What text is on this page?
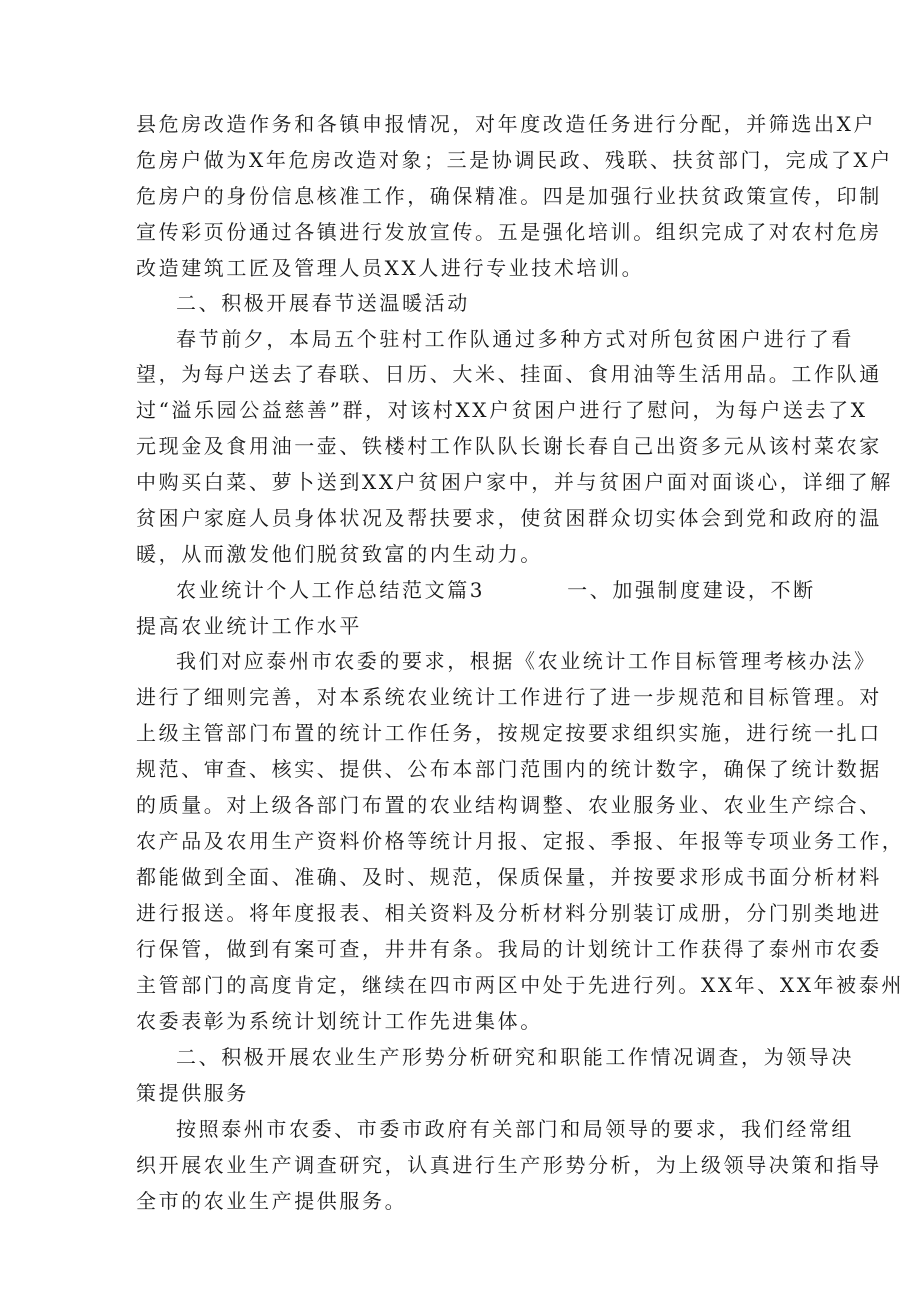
县危房改造作务和各镇申报情况，对年度改造任务进行分配，并筛选出X户
危房户做为X年危房改造对象；三是协调民政、残联、扶贫部门，完成了X户
危房户的身份信息核准工作，确保精准。四是加强行业扶贫政策宣传，印制
宣传彩页份通过各镇进行发放宣传。五是强化培训。组织完成了对农村危房
改造建筑工匠及管理人员XX人进行专业技术培训。
二、积极开展春节送温暖活动
春节前夕，本局五个驻村工作队通过多种方式对所包贫困户进行了看
望，为每户送去了春联、日历、大米、挂面、食用油等生活用品。工作队通
过“溢乐园公益慈善”群，对该村XX户贫困户进行了慰问，为每户送去了X
元现金及食用油一壶、铁楼村工作队队长谢长春自己出资多元从该村菜农家
中购买白菜、萝卜送到XX户贫困户家中，并与贫困户面对面谈心，详细了解
贫困户家庭人员身体状况及帮扶要求，使贫困群众切实体会到党和政府的温
暖，从而激发他们脱贫致富的内生动力。
农业统计个人工作总结范文篇3	一、加强制度建设，不断
提高农业统计工作水平
我们对应泰州市农委的要求，根据《农业统计工作目标管理考核办法》
进行了细则完善，对本系统农业统计工作进行了进一步规范和目标管理。对
上级主管部门布置的统计工作任务，按规定按要求组织实施，进行统一扎口
规范、审查、核实、提供、公布本部门范围内的统计数字，确保了统计数据
的质量。对上级各部门布置的农业结构调整、农业服务业、农业生产综合、
农产品及农用生产资料价格等统计月报、定报、季报、年报等专项业务工作，
都能做到全面、准确、及时、规范，保质保量，并按要求形成书面分析材料
进行报送。将年度报表、相关资料及分析材料分别装订成册，分门别类地进
行保管，做到有案可查，井井有条。我局的计划统计工作获得了泰州市农委
主管部门的高度肯定，继续在四市两区中处于先进行列。XX年、XX年被泰州
农委表彰为系统计划统计工作先进集体。
二、积极开展农业生产形势分析研究和职能工作情况调查，为领导决
策提供服务
按照泰州市农委、市委市政府有关部门和局领导的要求，我们经常组
织开展农业生产调查研究，认真进行生产形势分析，为上级领导决策和指导
全市的农业生产提供服务。
